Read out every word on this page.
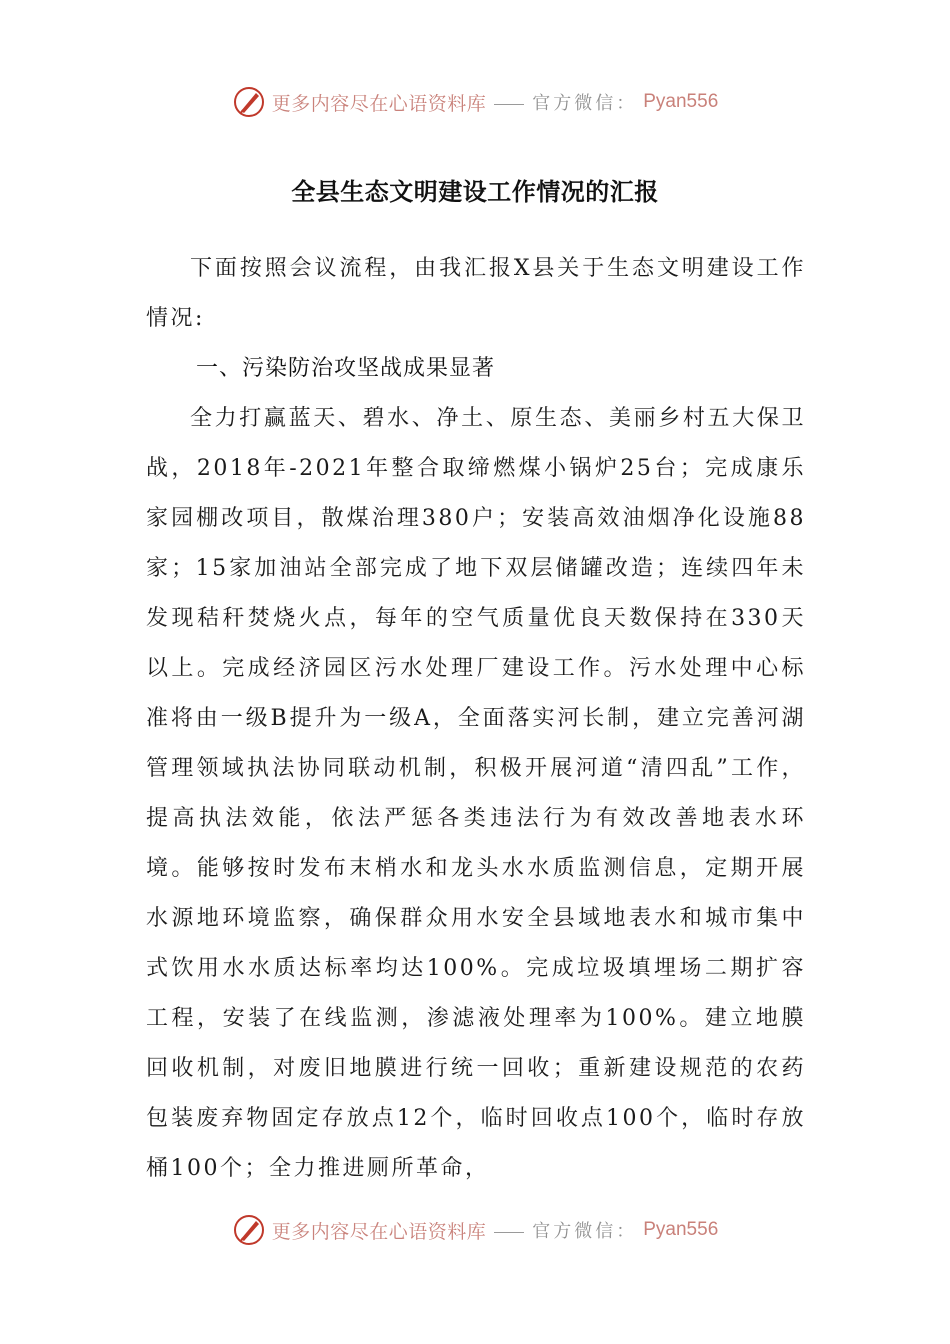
更多内容尽在心语资料库	官方微信： Pyan556
全县生态文明建设工作情况的汇报

下面按照会议流程，由我汇报X县关于生态文明建设工作情况:

一、污染防治攻坚战成果显著

全力打赢蓝天、碧水、净土、原生态、美丽乡村五大保卫战，2018年-2021年整合取缔燃煤小锅炉25台；完成康乐家园棚改项目，散煤治理380户；安装高效油烟净化设施88家；15家加油站全部完成了地下双层储罐改造；连续四年未发现秸秆焚烧火点，每年的空气质量优良天数保持在330天以上。完成经济园区污水处理厂建设工作。污水处理中心标准将由一级B提升为一级A，全面落实河长制，建立完善河湖管理领域执法协同联动机制，积极开展河道“清四乱”工作，提高执法效能，依法严惩各类违法行为有效改善地表水环境。能够按时发布末梢水和龙头水水质监测信息，定期开展水源地环境监察，确保群众用水安全县域地表水和城市集中式饮用水水质达标率均达100%。完成垃圾填埋场二期扩容工程，安装了在线监测，渗滤液处理率为100%。建立地膜回收机制，对废旧地膜进行统一回收；重新建设规范的农药包装废弃物固定存放点12个，临时回收点100个，临时存放桶100个；全力推进厕所革命，

更多内容尽在心语资料库	官方微信： Pyan556
